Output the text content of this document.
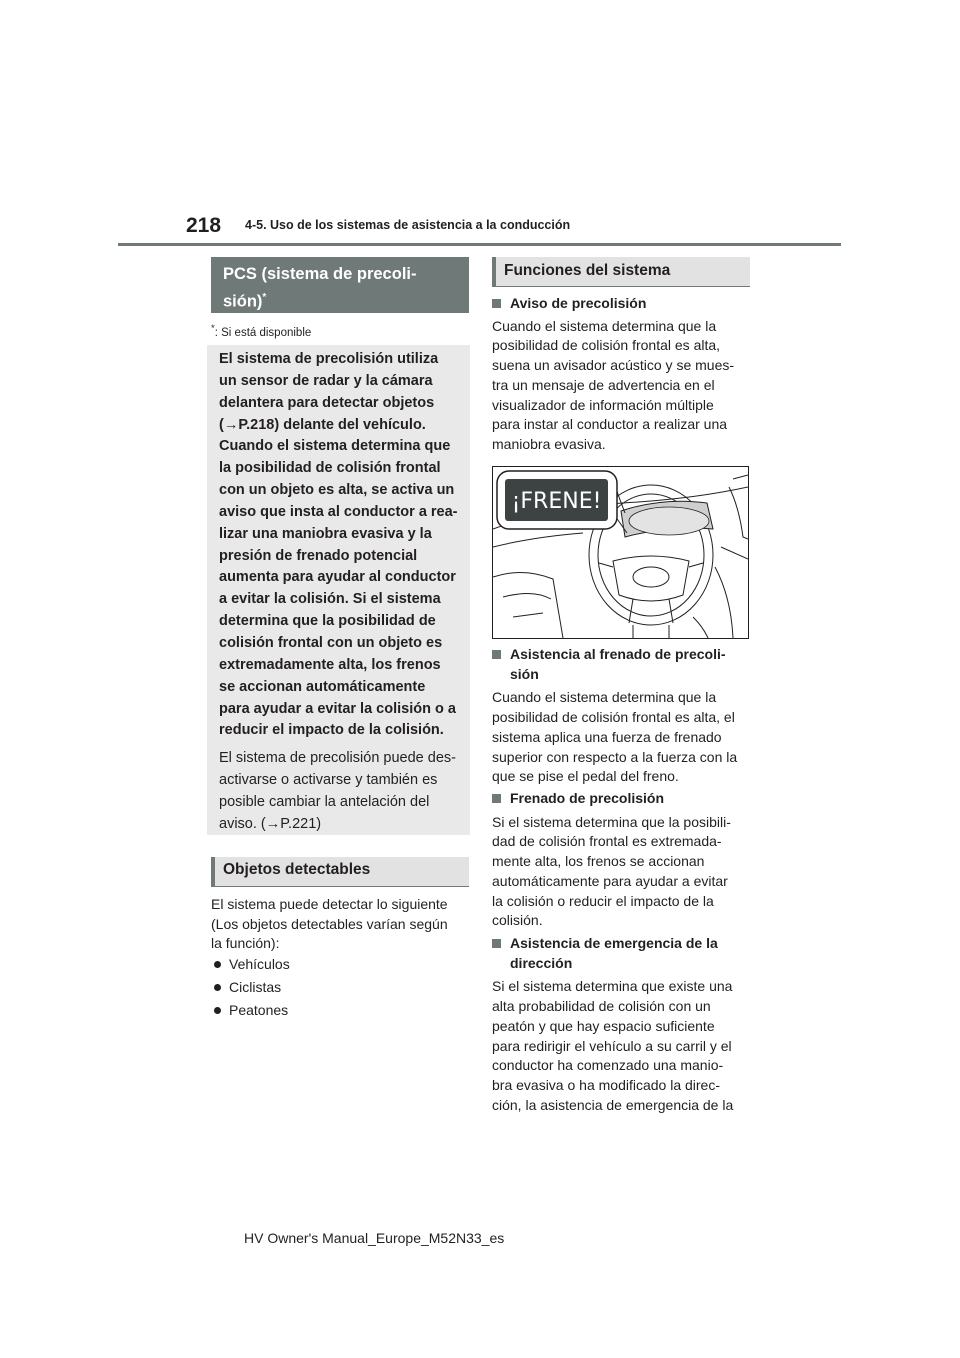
218 4-5. Uso de los sistemas de asistencia a la conducción
PCS (sistema de precoli-
sión)*
*: Si está disponible
El sistema de precolisión utiliza
un sensor de radar y la cámara
delantera para detectar objetos
(→P.218) delante del vehículo.
Cuando el sistema determina que
la posibilidad de colisión frontal
con un objeto es alta, se activa un
aviso que insta al conductor a rea-
lizar una maniobra evasiva y la
presión de frenado potencial
aumenta para ayudar al conductor
a evitar la colisión. Si el sistema
determina que la posibilidad de
colisión frontal con un objeto es
extremadamente alta, los frenos
se accionan automáticamente
para ayudar a evitar la colisión o a
reducir el impacto de la colisión.
El sistema de precolisión puede des-
activarse o activarse y también es
posible cambiar la antelación del
aviso. (→P.221)
Objetos detectables
El sistema puede detectar lo siguiente
(Los objetos detectables varían según
la función):
Vehículos
Ciclistas
Peatones
Funciones del sistema
Aviso de precolisión
Cuando el sistema determina que la
posibilidad de colisión frontal es alta,
suena un avisador acústico y se mues-
tra un mensaje de advertencia en el
visualizador de información múltiple
para instar al conductor a realizar una
maniobra evasiva.
¡FRENE!
Asistencia al frenado de precoli-
sión
Cuando el sistema determina que la
posibilidad de colisión frontal es alta, el
sistema aplica una fuerza de frenado
superior con respecto a la fuerza con la
que se pise el pedal del freno.
Frenado de precolisión
Si el sistema determina que la posibili-
dad de colisión frontal es extremada-
mente alta, los frenos se accionan
automáticamente para ayudar a evitar
la colisión o reducir el impacto de la
colisión.
Asistencia de emergencia de la
dirección
Si el sistema determina que existe una
alta probabilidad de colisión con un
peatón y que hay espacio suficiente
para redirigir el vehículo a su carril y el
conductor ha comenzado una manio-
bra evasiva o ha modificado la direc-
ción, la asistencia de emergencia de la
HV Owner's Manual_Europe_M52N33_es
